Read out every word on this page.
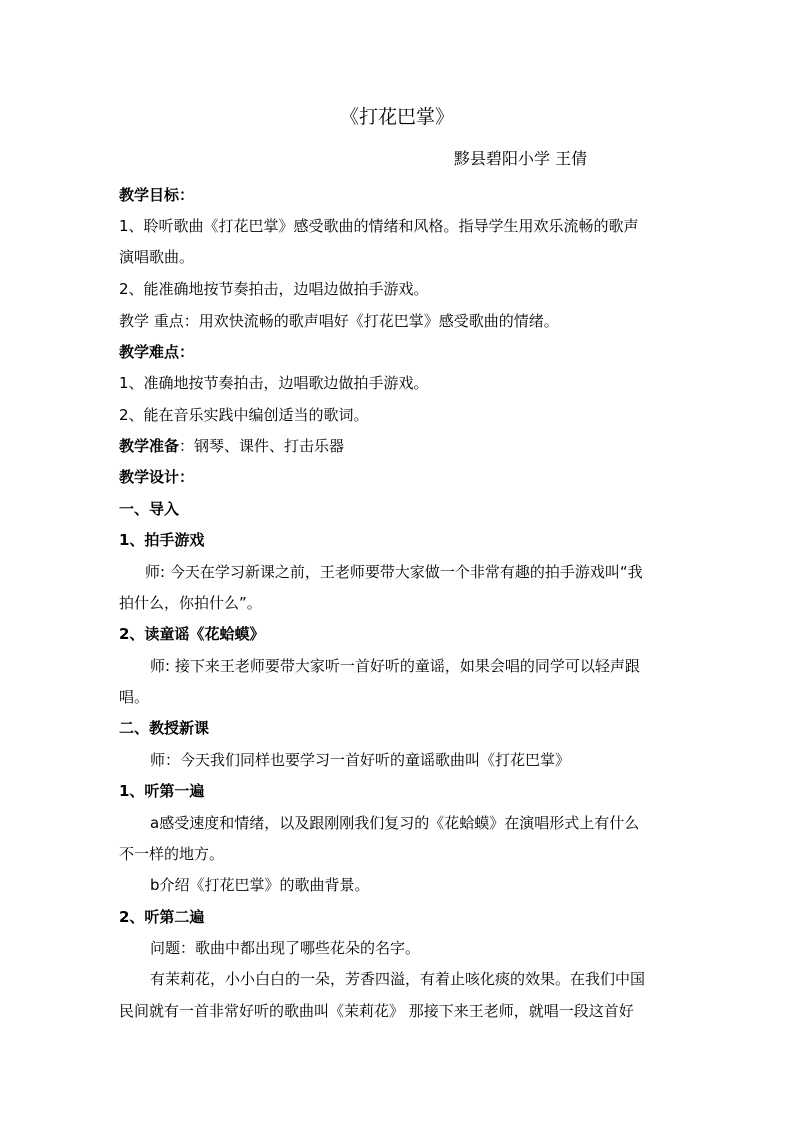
《打花巴掌》
黟县碧阳小学 王倩
教学目标：
1、聆听歌曲《打花巴掌》感受歌曲的情绪和风格。指导学生用欢乐流畅的歌声
演唱歌曲。
2、能准确地按节奏拍击，边唱边做拍手游戏。
教学 重点：用欢快流畅的歌声唱好《打花巴掌》感受歌曲的情绪。
教学难点：
1、准确地按节奏拍击，边唱歌边做拍手游戏。
2、能在音乐实践中编创适当的歌词。
教学准备：钢琴、课件、打击乐器
教学设计：
一、导入
1、拍手游戏
师: 今天在学习新课之前，王老师要带大家做一个非常有趣的拍手游戏叫“我
拍什么，你拍什么”。
2、读童谣《花蛤蟆》
师: 接下来王老师要带大家听一首好听的童谣，如果会唱的同学可以轻声跟
唱。
二、教授新课
师：今天我们同样也要学习一首好听的童谣歌曲叫《打花巴掌》
1、听第一遍
a感受速度和情绪，以及跟刚刚我们复习的《花蛤蟆》在演唱形式上有什么
不一样的地方。
b介绍《打花巴掌》的歌曲背景。
2、听第二遍
问题：歌曲中都出现了哪些花朵的名字。
有茉莉花，小小白白的一朵，芳香四溢，有着止咳化痰的效果。在我们中国
民间就有一首非常好听的歌曲叫《茉莉花》 那接下来王老师，就唱一段这首好
